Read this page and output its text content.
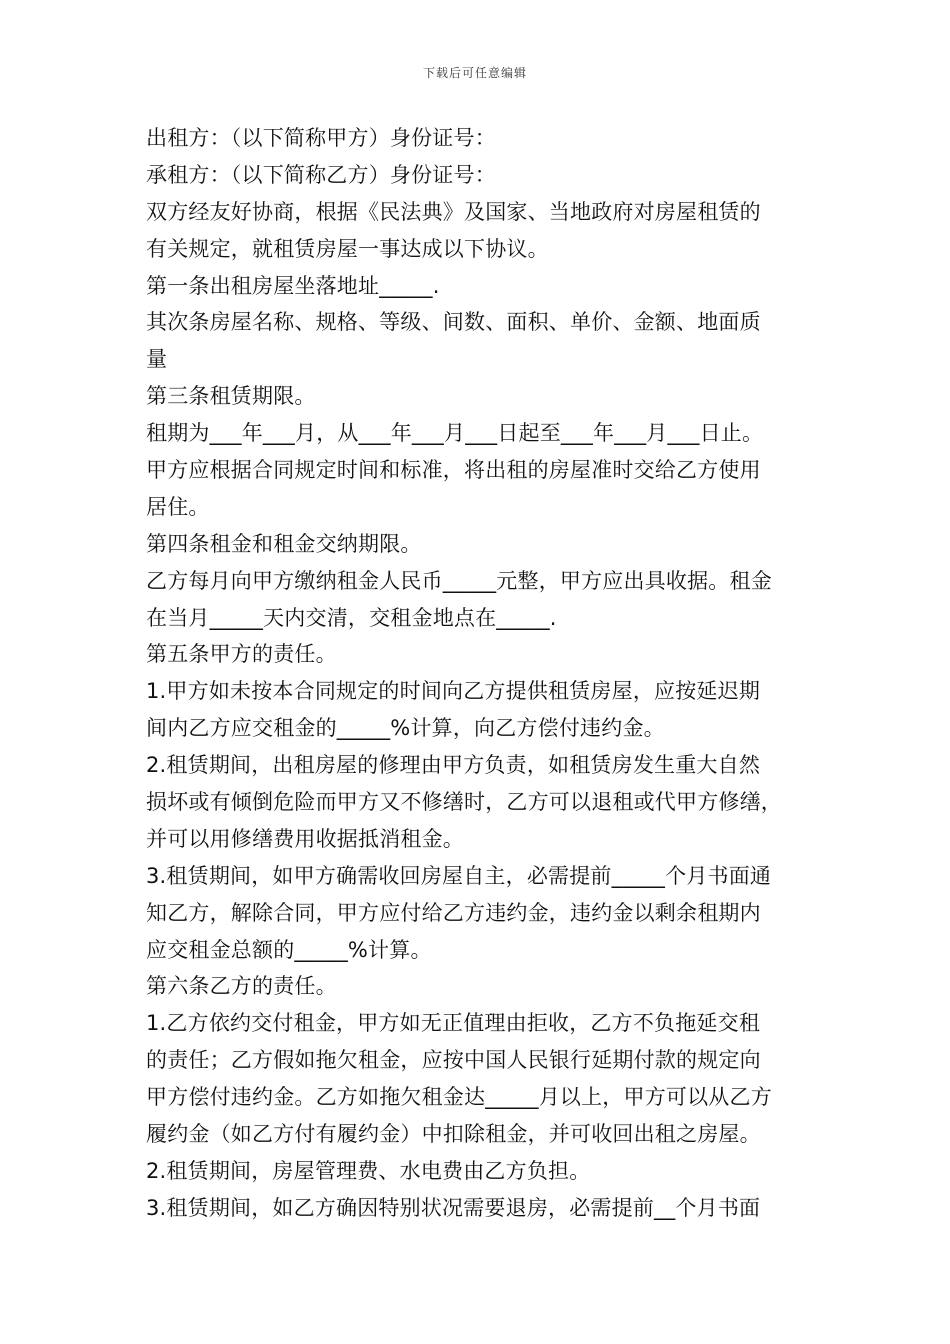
下载后可任意编辑
出租方：（以下简称甲方）身份证号：
承租方：（以下简称乙方）身份证号：
双方经友好协商，根据《民法典》及国家、当地政府对房屋租赁的
有关规定，就租赁房屋一事达成以下协议。
第一条出租房屋坐落地址_____.
其次条房屋名称、规格、等级、间数、面积、单价、金额、地面质
量
第三条租赁期限。
租期为___年___月，从___年___月___日起至___年___月___日止。
甲方应根据合同规定时间和标准，将出租的房屋准时交给乙方使用
居住。
第四条租金和租金交纳期限。
乙方每月向甲方缴纳租金人民币_____元整，甲方应出具收据。租金
在当月_____天内交清，交租金地点在_____.
第五条甲方的责任。
1.甲方如未按本合同规定的时间向乙方提供租赁房屋，应按延迟期
间内乙方应交租金的_____%计算，向乙方偿付违约金。
2.租赁期间，出租房屋的修理由甲方负责，如租赁房发生重大自然
损坏或有倾倒危险而甲方又不修缮时，乙方可以退租或代甲方修缮，
并可以用修缮费用收据抵消租金。
3.租赁期间，如甲方确需收回房屋自主，必需提前_____个月书面通
知乙方，解除合同，甲方应付给乙方违约金，违约金以剩余租期内
应交租金总额的_____%计算。
第六条乙方的责任。
1.乙方依约交付租金，甲方如无正值理由拒收，乙方不负拖延交租
的责任；乙方假如拖欠租金，应按中国人民银行延期付款的规定向
甲方偿付违约金。乙方如拖欠租金达_____月以上，甲方可以从乙方
履约金（如乙方付有履约金）中扣除租金，并可收回出租之房屋。
2.租赁期间，房屋管理费、水电费由乙方负担。
3.租赁期间，如乙方确因特别状况需要退房，必需提前__个月书面
